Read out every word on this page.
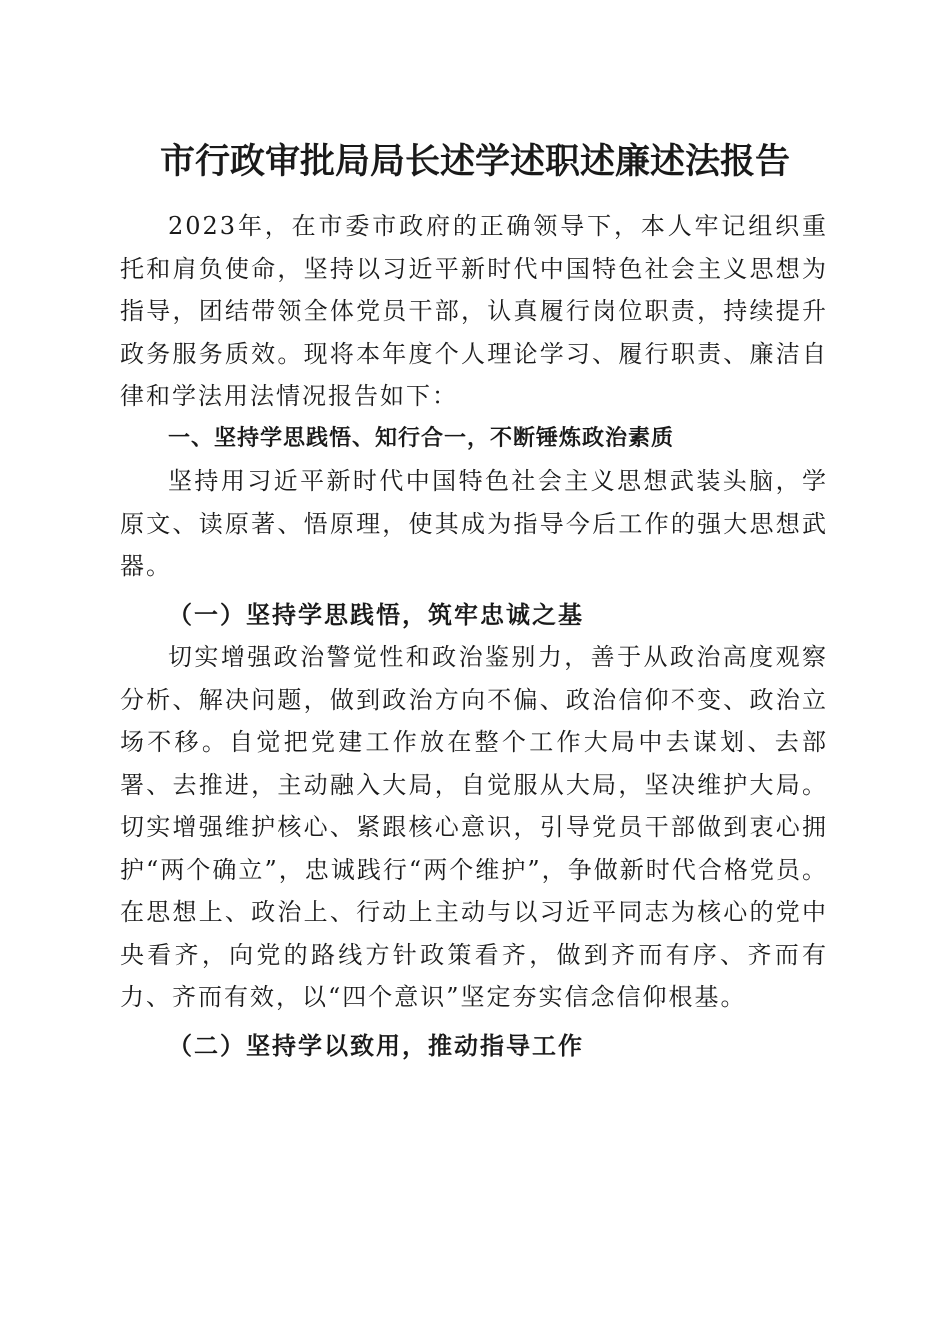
市行政审批局局长述学述职述廉述法报告

2023年，在市委市政府的正确领导下，本人牢记组织重托和肩负使命，坚持以习近平新时代中国特色社会主义思想为指导，团结带领全体党员干部，认真履行岗位职责，持续提升政务服务质效。现将本年度个人理论学习、履行职责、廉洁自律和学法用法情况报告如下：

一、坚持学思践悟、知行合一，不断锤炼政治素质

坚持用习近平新时代中国特色社会主义思想武装头脑，学原文、读原著、悟原理，使其成为指导今后工作的强大思想武器。

（一）坚持学思践悟，筑牢忠诚之基

切实增强政治警觉性和政治鉴别力，善于从政治高度观察分析、解决问题，做到政治方向不偏、政治信仰不变、政治立场不移。自觉把党建工作放在整个工作大局中去谋划、去部署、去推进，主动融入大局，自觉服从大局，坚决维护大局。切实增强维护核心、紧跟核心意识，引导党员干部做到衷心拥护“两个确立”，忠诚践行“两个维护”，争做新时代合格党员。在思想上、政治上、行动上主动与以习近平同志为核心的党中央看齐，向党的路线方针政策看齐，做到齐而有序、齐而有力、齐而有效，以“四个意识”坚定夯实信念信仰根基。

（二）坚持学以致用，推动指导工作
